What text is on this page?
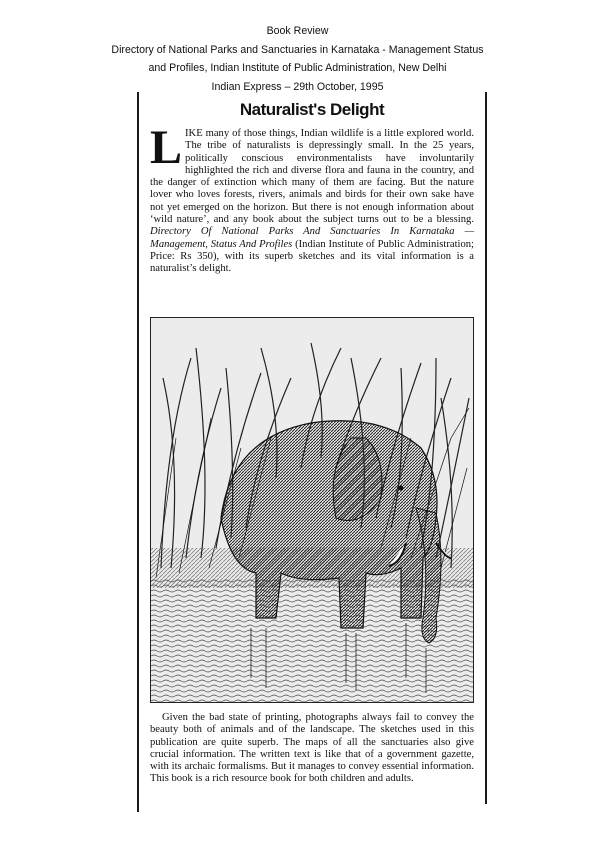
Book Review
Directory of National Parks and Sanctuaries in Karnataka - Management Status
and Profiles, Indian Institute of Public Administration, New Delhi
Indian Express – 29th October, 1995
Naturalist's Delight
LIKE many of those things, Indian wildlife is a little explored world. The tribe of naturalists is depressingly small. In the 25 years, politically conscious environmentalists have involuntarily highlighted the rich and diverse flora and fauna in the country, and the danger of extinction which many of them are facing. But the nature lover who loves forests, rivers, animals and birds for their own sake have not yet emerged on the horizon. But there is not enough information about ‘wild nature’, and any book about the subject turns out to be a blessing. Directory Of National Parks And Sanctuaries In Karnataka — Management, Status And Profiles (Indian Institute of Public Administration; Price: Rs 350), with its superb sketches and its vital information is a naturalist’s delight.
Given the bad state of printing, photographs always fail to convey the beauty both of animals and of the landscape. The sketches used in this publication are quite superb. The maps of all the sanctuaries also give crucial information. The written text is like that of a government gazette, with its archaic formalisms. But it manages to convey essential information. This book is a rich resource book for both children and adults.
